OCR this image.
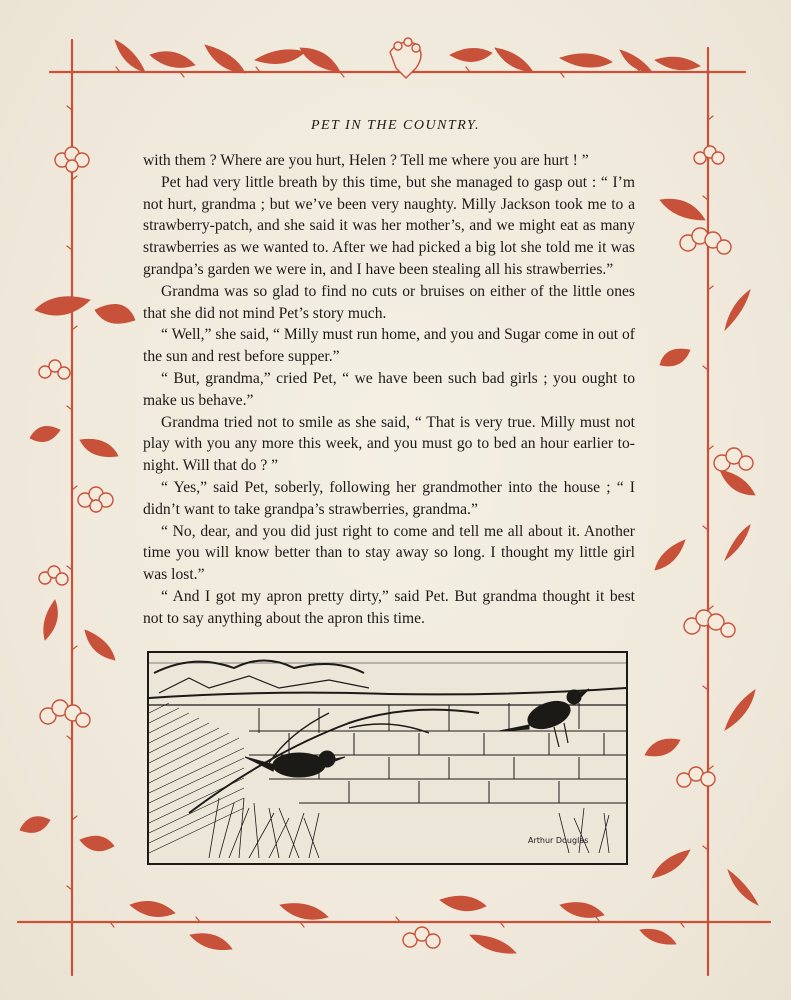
PET IN THE COUNTRY.

with them ? Where are you hurt, Helen ? Tell me where you are hurt ! ”

Pet had very little breath by this time, but she managed to gasp out : “ I’m not hurt, grandma ; but we’ve been very naughty. Milly Jackson took me to a strawberry-patch, and she said it was her mother’s, and we might eat as many strawberries as we wanted to. After we had picked a big lot she told me it was grandpa’s garden we were in, and I have been stealing all his strawberries.”

Grandma was so glad to find no cuts or bruises on either of the little ones that she did not mind Pet’s story much.

“ Well,” she said, “ Milly must run home, and you and Sugar come in out of the sun and rest before supper.”

“ But, grandma,” cried Pet, “ we have been such bad girls ; you ought to make us behave.”

Grandma tried not to smile as she said, “ That is very true. Milly must not play with you any more this week, and you must go to bed an hour earlier to-night. Will that do ? ”

“ Yes,” said Pet, soberly, following her grandmother into the house ; “ I didn’t want to take grandpa’s strawberries, grandma.”

“ No, dear, and you did just right to come and tell me all about it. Another time you will know better than to stay away so long. I thought my little girl was lost.”

“ And I got my apron pretty dirty,” said Pet. But grandma thought it best not to say anything about the apron this time.

Arthur Douglas
